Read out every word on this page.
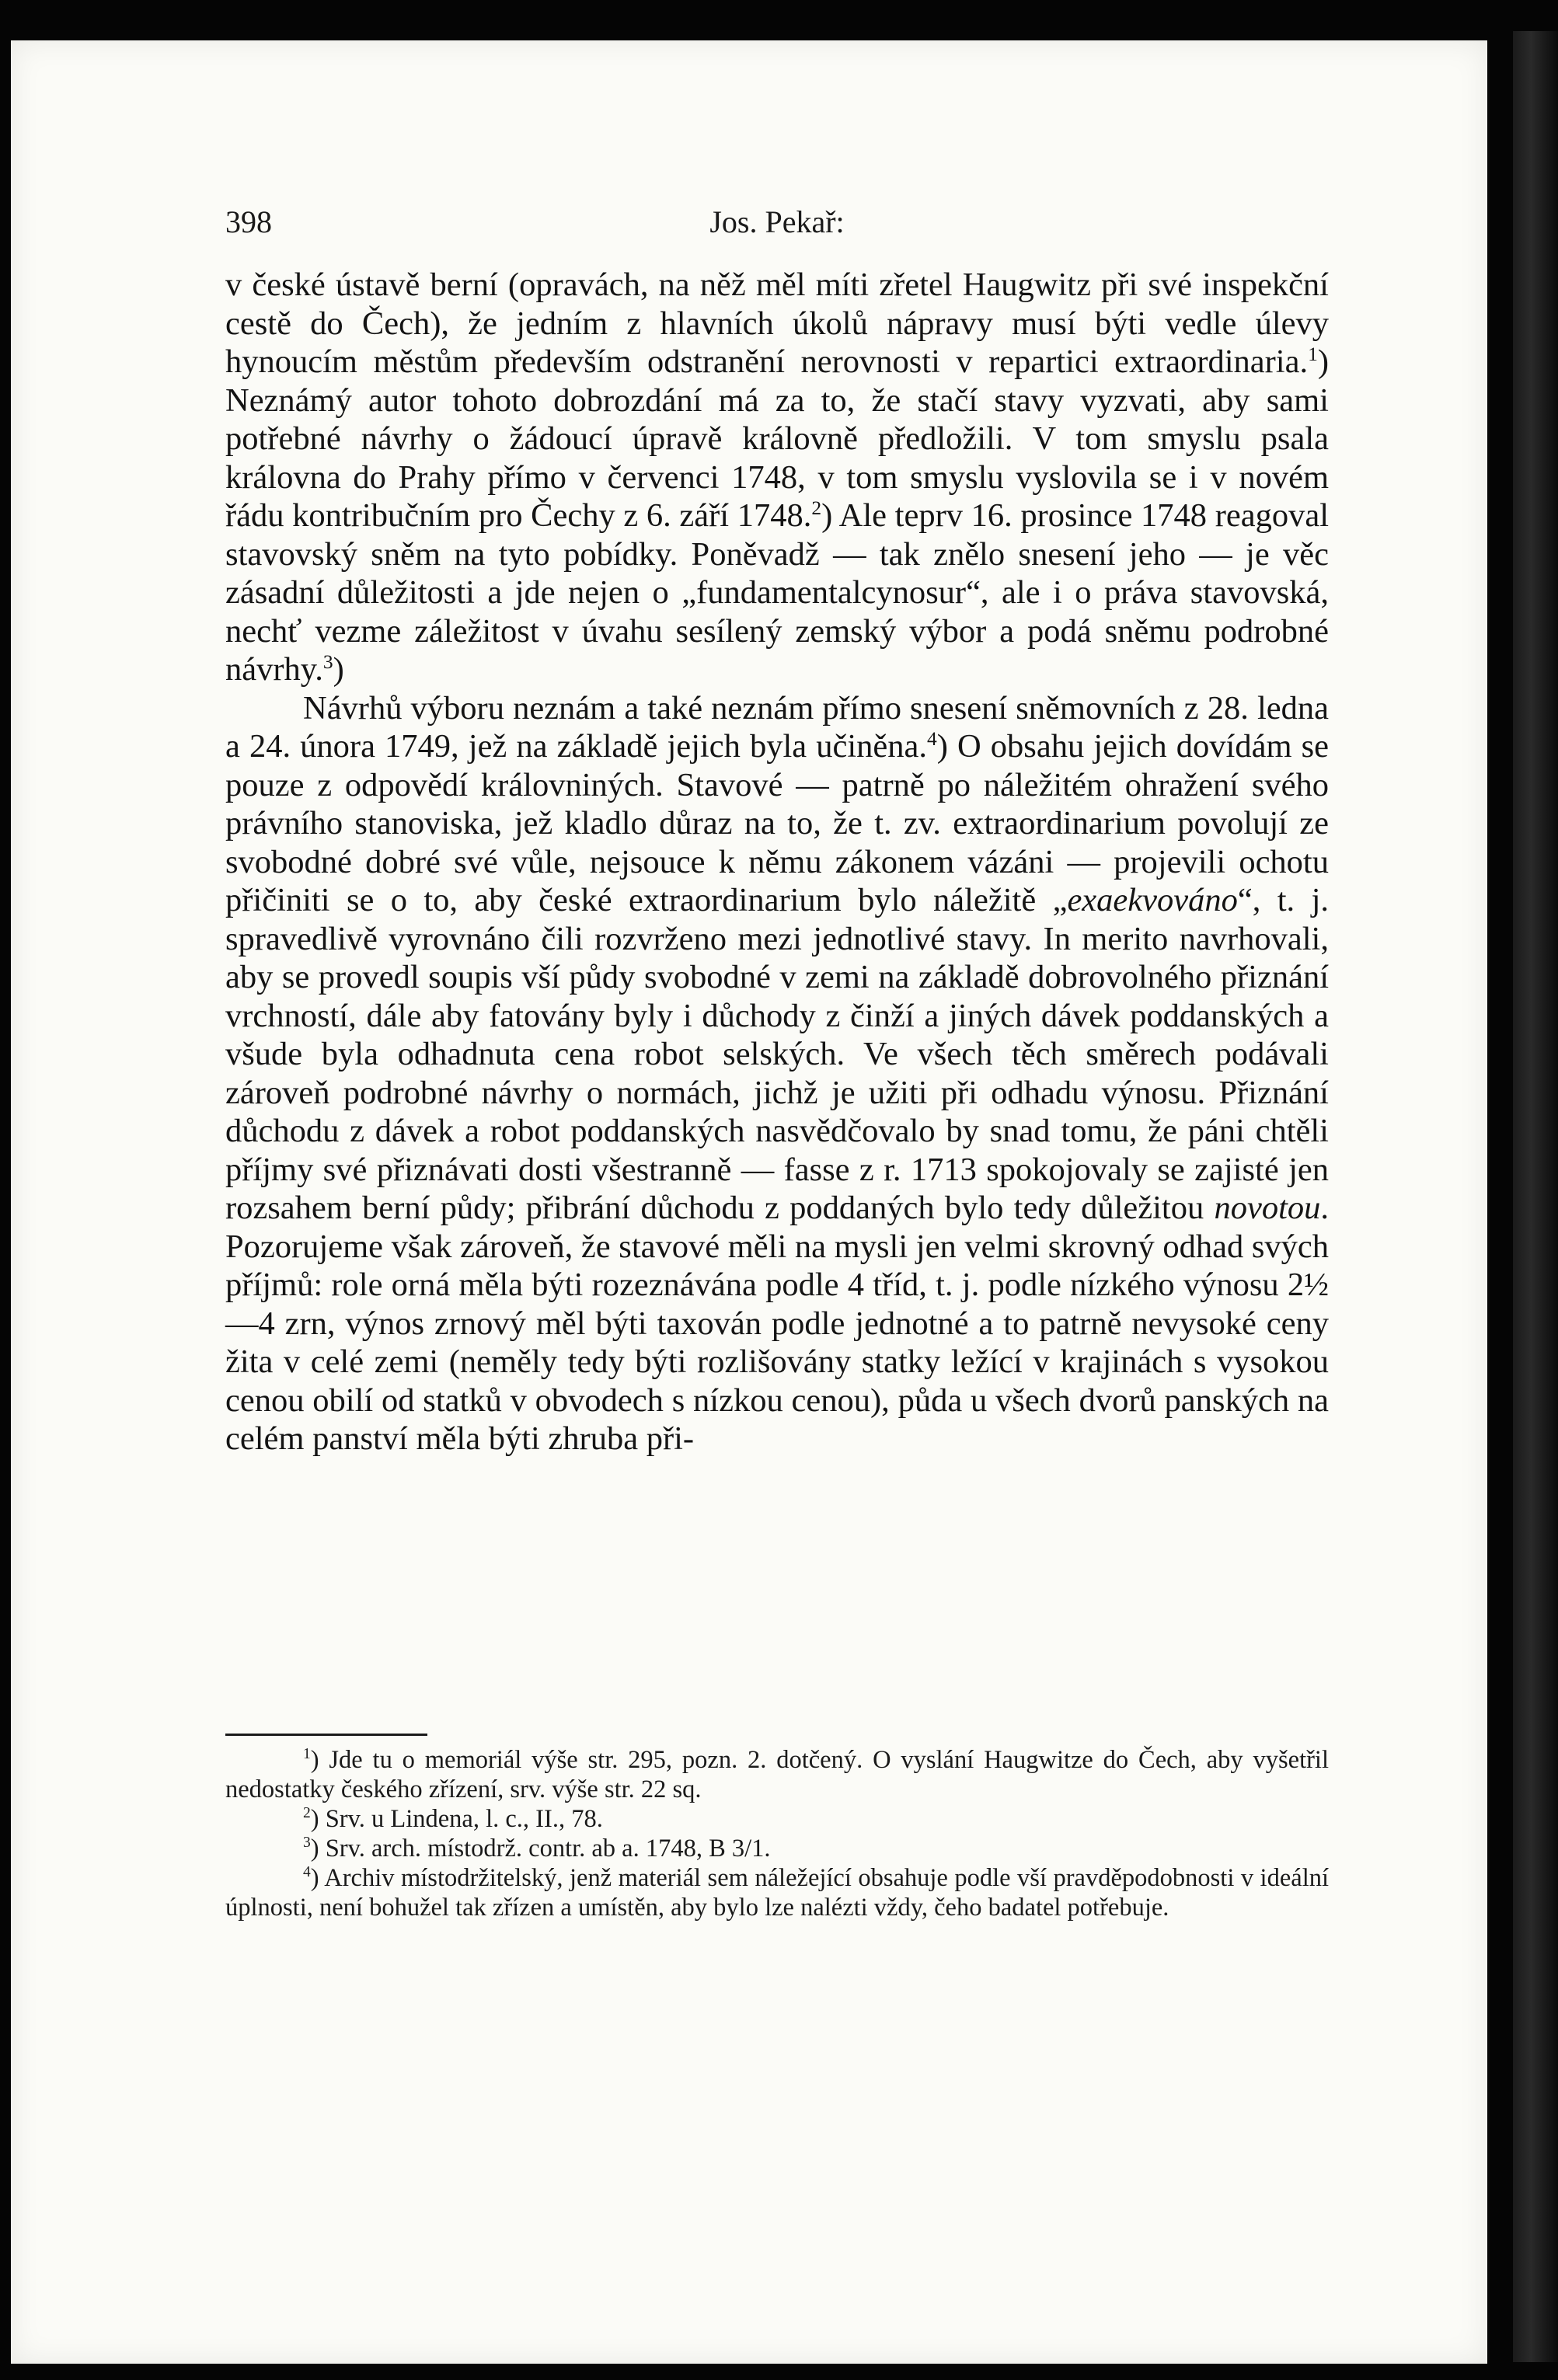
398	Jos. Pekař:

v české ústavě berní (opravách, na něž měl míti zřetel Haugwitz při své inspekční cestě do Čech), že jedním z hlavních úkolů nápravy musí býti vedle úlevy hynoucím městům především odstranění nerovnosti v repartici extraordinaria.$^1$) Neznámý autor tohoto dobrozdání má za to, že stačí stavy vyzvati, aby sami potřebné návrhy o žádoucí úpravě královně předložili. V tom smyslu psala královna do Prahy přímo v červenci 1748, v tom smyslu vyslovila se i v novém řádu kontribučním pro Čechy z 6. září 1748.$^2$) Ale teprv 16. prosince 1748 reagoval stavovský sněm na tyto pobídky. Poněvadž — tak znělo snesení jeho — je věc zásadní důležitosti a jde nejen o „fundamentalcynosur“, ale i o práva stavovská, nechť vezme záležitost v úvahu sesílený zemský výbor a podá sněmu podrobné návrhy.$^3$)

Návrhů výboru neznám a také neznám přímo snesení sněmovních z 28. ledna a 24. února 1749, jež na základě jejich byla učiněna.$^4$) O obsahu jejich dovídám se pouze z odpovědí královniných. Stavové — patrně po náležitém ohražení svého právního stanoviska, jež kladlo důraz na to, že t. zv. extraordinarium povolují ze svobodné dobré své vůle, nejsouce k němu zákonem vázáni — projevili ochotu přičiniti se o to, aby české extraordinarium bylo náležitě „exaekvováno“, t. j. spravedlivě vyrovnáno čili rozvrženo mezi jednotlivé stavy. In merito navrhovali, aby se provedl soupis vší půdy svobodné v zemi na základě dobrovolného přiznání vrchností, dále aby fatovány byly i důchody z činží a jiných dávek poddanských a všude byla odhadnuta cena robot selských. Ve všech těch směrech podávali zároveň podrobné návrhy o normách, jichž je užiti při odhadu výnosu. Přiznání důchodu z dávek a robot poddanských nasvědčovalo by snad tomu, že páni chtěli příjmy své přiznávati dosti všestranně — fasse z r. 1713 spokojovaly se zajisté jen rozsahem berní půdy; přibrání důchodu z poddaných bylo tedy důležitou novotou. Pozorujeme však zároveň, že stavové měli na mysli jen velmi skrovný odhad svých příjmů: role orná měla býti rozeznávána podle 4 tříd, t. j. podle nízkého výnosu 2½—4 zrn, výnos zrnový měl býti taxován podle jednotné a to patrně nevysoké ceny žita v celé zemi (neměly tedy býti rozlišovány statky ležící v krajinách s vysokou cenou obilí od statků v obvodech s nízkou cenou), půda u všech dvorů panských na celém panství měla býti zhruba při-

$^1$) Jde tu o memoriál výše str. 295, pozn. 2. dotčený. O vyslání Haugwitze do Čech, aby vyšetřil nedostatky českého zřízení, srv. výše str. 22 sq.

$^2$) Srv. u Lindena, l. c., II., 78.

$^3$) Srv. arch. místodrž. contr. ab a. 1748, B 3/1.

$^4$) Archiv místodržitelský, jenž materiál sem náležející obsahuje podle vší pravděpodobnosti v ideální úplnosti, není bohužel tak zřízen a umístěn, aby bylo lze nalézti vždy, čeho badatel potřebuje.
